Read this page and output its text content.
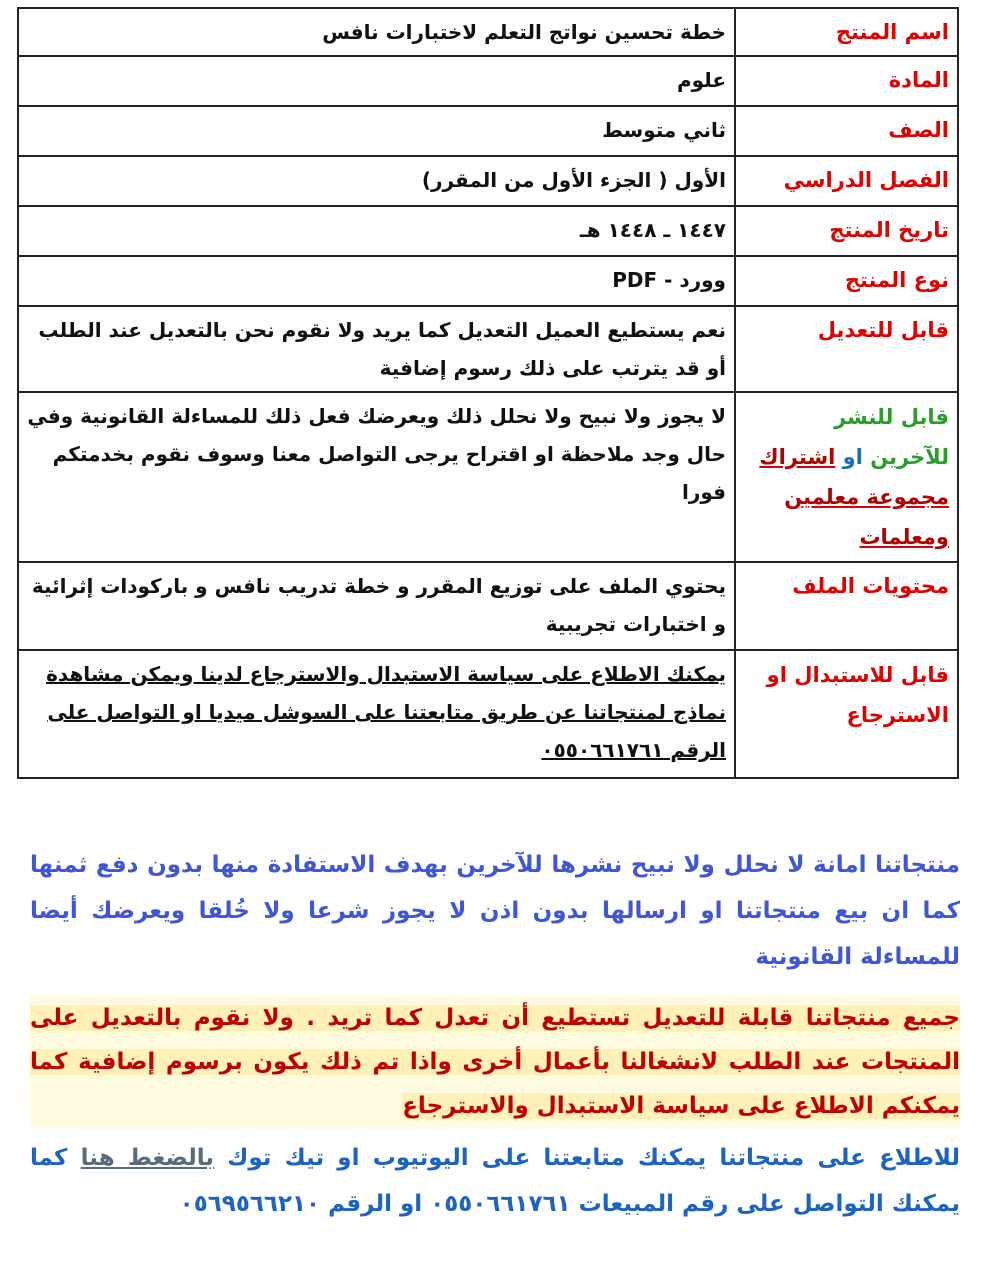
اسم المنتج	خطة تحسين نواتج التعلم لاختبارات نافس
المادة	علوم
الصف	ثاني متوسط
الفصل الدراسي	الأول ( الجزء الأول من المقرر)
تاريخ المنتج	١٤٤٧ ـ ١٤٤٨ هـ
نوع المنتج	وورد - PDF
قابل للتعديل	نعم يستطيع العميل التعديل كما يريد ولا نقوم نحن بالتعديل عند الطلب أو قد يترتب على ذلك رسوم إضافية
قابل للنشر
للآخرين او اشتراك
مجموعة معلمين ومعلمات	لا يجوز ولا نبيح ولا نحلل ذلك ويعرضك فعل ذلك للمساءلة القانونية وفي حال وجد ملاحظة او اقتراح يرجى التواصل معنا وسوف نقوم بخدمتكم فورا
محتويات الملف	يحتوي الملف على توزيع المقرر و خطة تدريب نافس و باركودات إثرائية و اختبارات تجريبية
قابل للاستبدال او الاسترجاع	يمكنك الاطلاع على سياسة الاستبدال والاسترجاع لدينا ويمكن مشاهدة نماذج لمنتجاتنا عن طريق متابعتنا على السوشل ميديا او التواصل على الرقم ٠٥٥٠٦٦١٧٦١
منتجاتنا امانة لا نحلل ولا نبيح نشرها للآخرين بهدف الاستفادة منها بدون دفع ثمنها كما ان بيع منتجاتنا او ارسالها بدون اذن لا يجوز شرعا ولا خُلقا ويعرضك أيضا للمساءلة القانونية
جميع منتجاتنا قابلة للتعديل تستطيع أن تعدل كما تريد . ولا نقوم بالتعديل على المنتجات عند الطلب لانشغالنا بأعمال أخرى واذا تم ذلك يكون برسوم إضافية كما يمكنكم الاطلاع على سياسة الاستبدال والاسترجاع
للاطلاع على منتجاتنا يمكنك متابعتنا على اليوتيوب او تيك توك بالضغط هنا كما يمكنك التواصل على رقم المبيعات ٠٥٥٠٦٦١٧٦١ او الرقم ٠٥٦٩٥٦٦٢١٠
